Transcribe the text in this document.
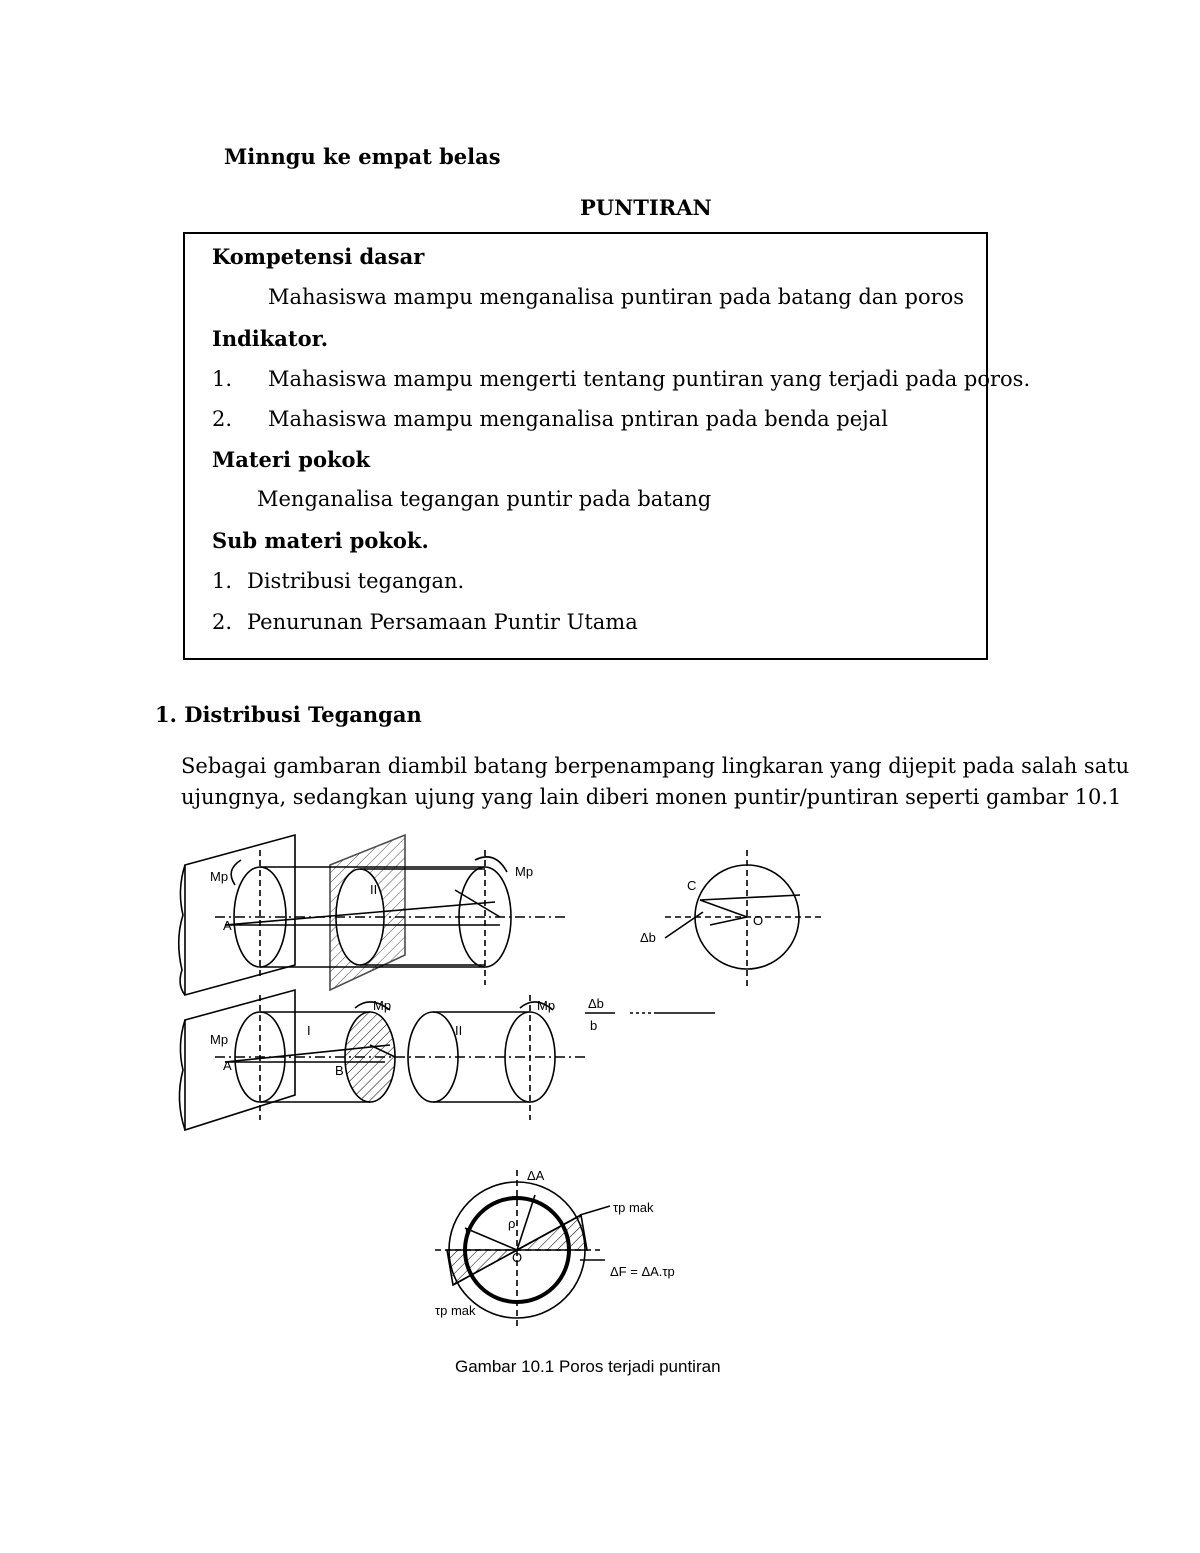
Minngu ke empat belas
PUNTIRAN
Kompetensi dasar
Mahasiswa mampu menganalisa puntiran pada batang dan poros
Indikator.
1. Mahasiswa mampu mengerti tentang puntiran yang terjadi pada poros.
2. Mahasiswa mampu menganalisa pntiran pada benda pejal
Materi pokok
Menganalisa tegangan puntir pada batang
Sub materi pokok.
1. Distribusi tegangan.
2. Penurunan Persamaan Puntir Utama
1. Distribusi Tegangan
Sebagai gambaran diambil batang berpenampang lingkaran yang dijepit pada salah satu
ujungnya, sedangkan ujung yang lain diberi monen puntir/puntiran seperti gambar 10.1
Mp
A
II
Mp
C
O
Δb
Mp
A
I
B
II
Mp	Mp	Δb
b
ΔA
τp mak
ΔF = ΔA.τp
τp mak
ρ
r
O
Gambar 10.1 Poros terjadi puntiran
